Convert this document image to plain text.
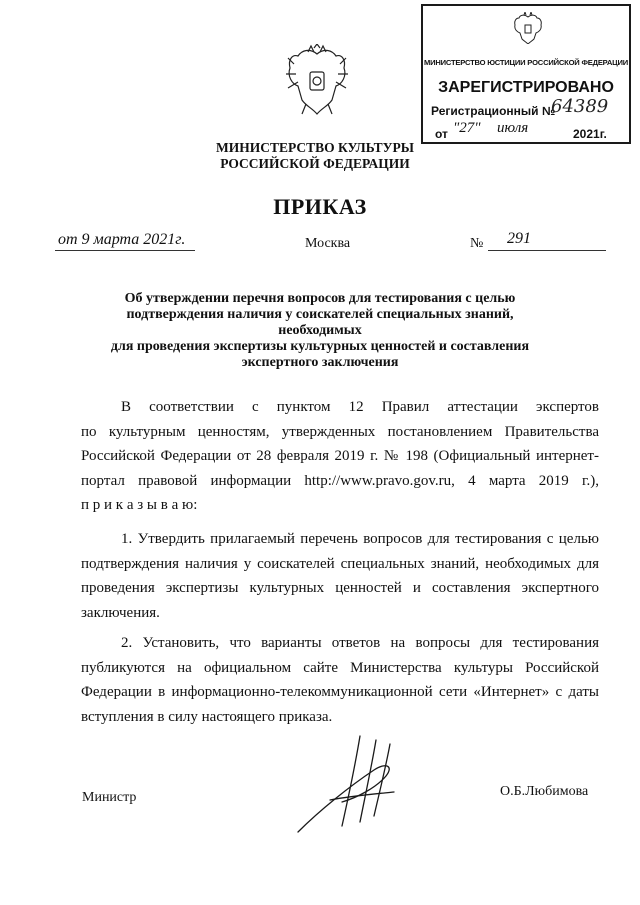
МИНИСТЕРСТВО КУЛЬТУРЫ
РОССИЙСКОЙ ФЕДЕРАЦИИ
МИНИСТЕРСТВО ЮСТИЦИИ РОССИЙСКОЙ ФЕДЕРАЦИИ
ЗАРЕГИСТРИРОВАНО
Регистрационный №
64389
от "27" июля	2021г.
ПРИКАЗ
от 9 марта 2021г.	Москва	№ 291
Об утверждении перечня вопросов для тестирования с целью
подтверждения наличия у соискателей специальных знаний, необходимых
для проведения экспертизы культурных ценностей и составления
экспертного заключения
В соответствии с пунктом 12 Правил аттестации экспертов
по культурным ценностям, утвержденных постановлением Правительства
Российской Федерации от 28 февраля 2019 г. № 198 (Официальный интернет-
портал правовой информации http://www.pravo.gov.ru, 4 марта 2019 г.),
п р и к а з ы в а ю:
1. Утвердить прилагаемый перечень вопросов для тестирования с целью
подтверждения наличия у соискателей специальных знаний, необходимых для
проведения экспертизы культурных ценностей и составления экспертного
заключения.
2. Установить, что варианты ответов на вопросы для тестирования
публикуются на официальном сайте Министерства культуры Российской
Федерации в информационно-телекоммуникационной сети «Интернет» с даты
вступления в силу настоящего приказа.
Министр	О.Б.Любимова
